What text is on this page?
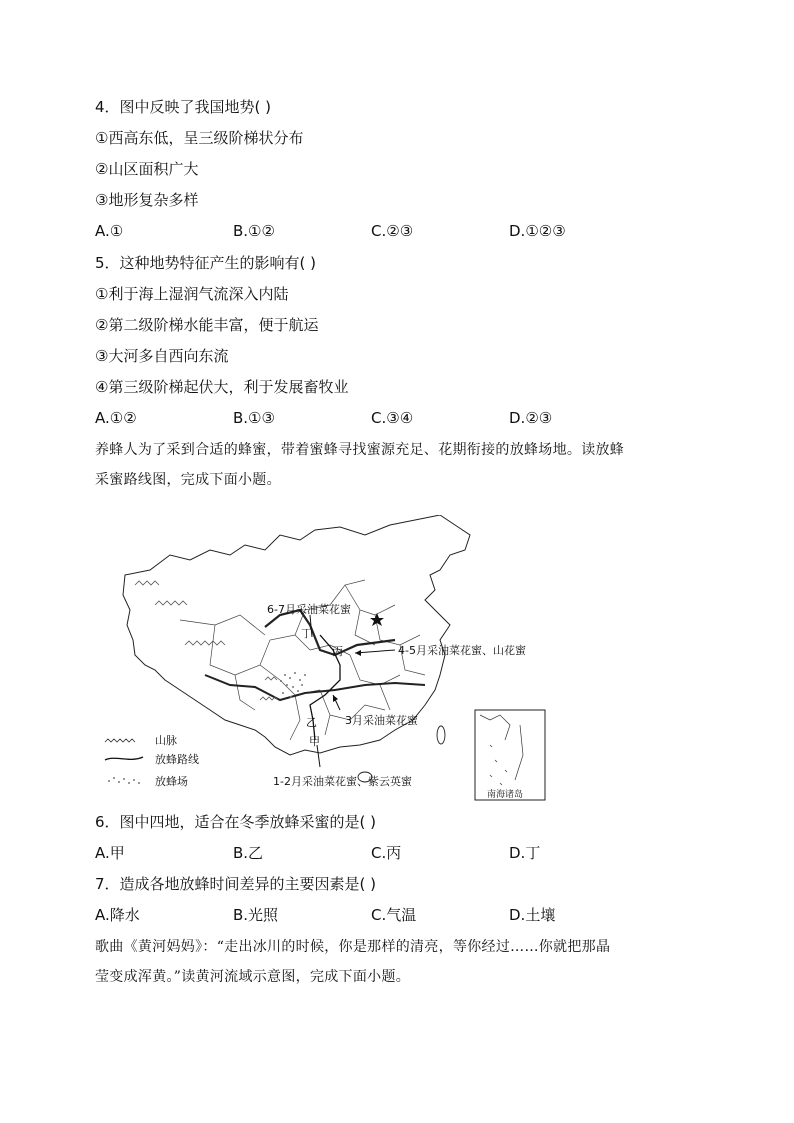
4．图中反映了我国地势( )
①西高东低，呈三级阶梯状分布
②山区面积广大
③地形复杂多样
A.①	B.①②	C.②③	D.①②③
5．这种地势特征产生的影响有( )
①利于海上湿润气流深入内陆
②第二级阶梯水能丰富，便于航运
③大河多自西向东流
④第三级阶梯起伏大，利于发展畜牧业
A.①②	B.①③	C.③④	D.②③
养蜂人为了采到合适的蜂蜜，带着蜜蜂寻找蜜源充足、花期衔接的放蜂场地。读放蜂
采蜜路线图，完成下面小题。
6-7月采油菜花蜜
4-5月采油菜花蜜、山花蜜
3月采油菜花蜜
1-2月采油菜花蜜、紫云英蜜
丁
丙
乙
甲
山脉
放蜂路线
放蜂场
南海诸岛
6．图中四地，适合在冬季放蜂采蜜的是( )
A.甲	B.乙	C.丙	D.丁
7．造成各地放蜂时间差异的主要因素是( )
A.降水	B.光照	C.气温	D.土壤
歌曲《黄河妈妈》：“走出冰川的时候，你是那样的清亮，等你经过……你就把那晶
莹变成浑黄。”读黄河流域示意图，完成下面小题。
